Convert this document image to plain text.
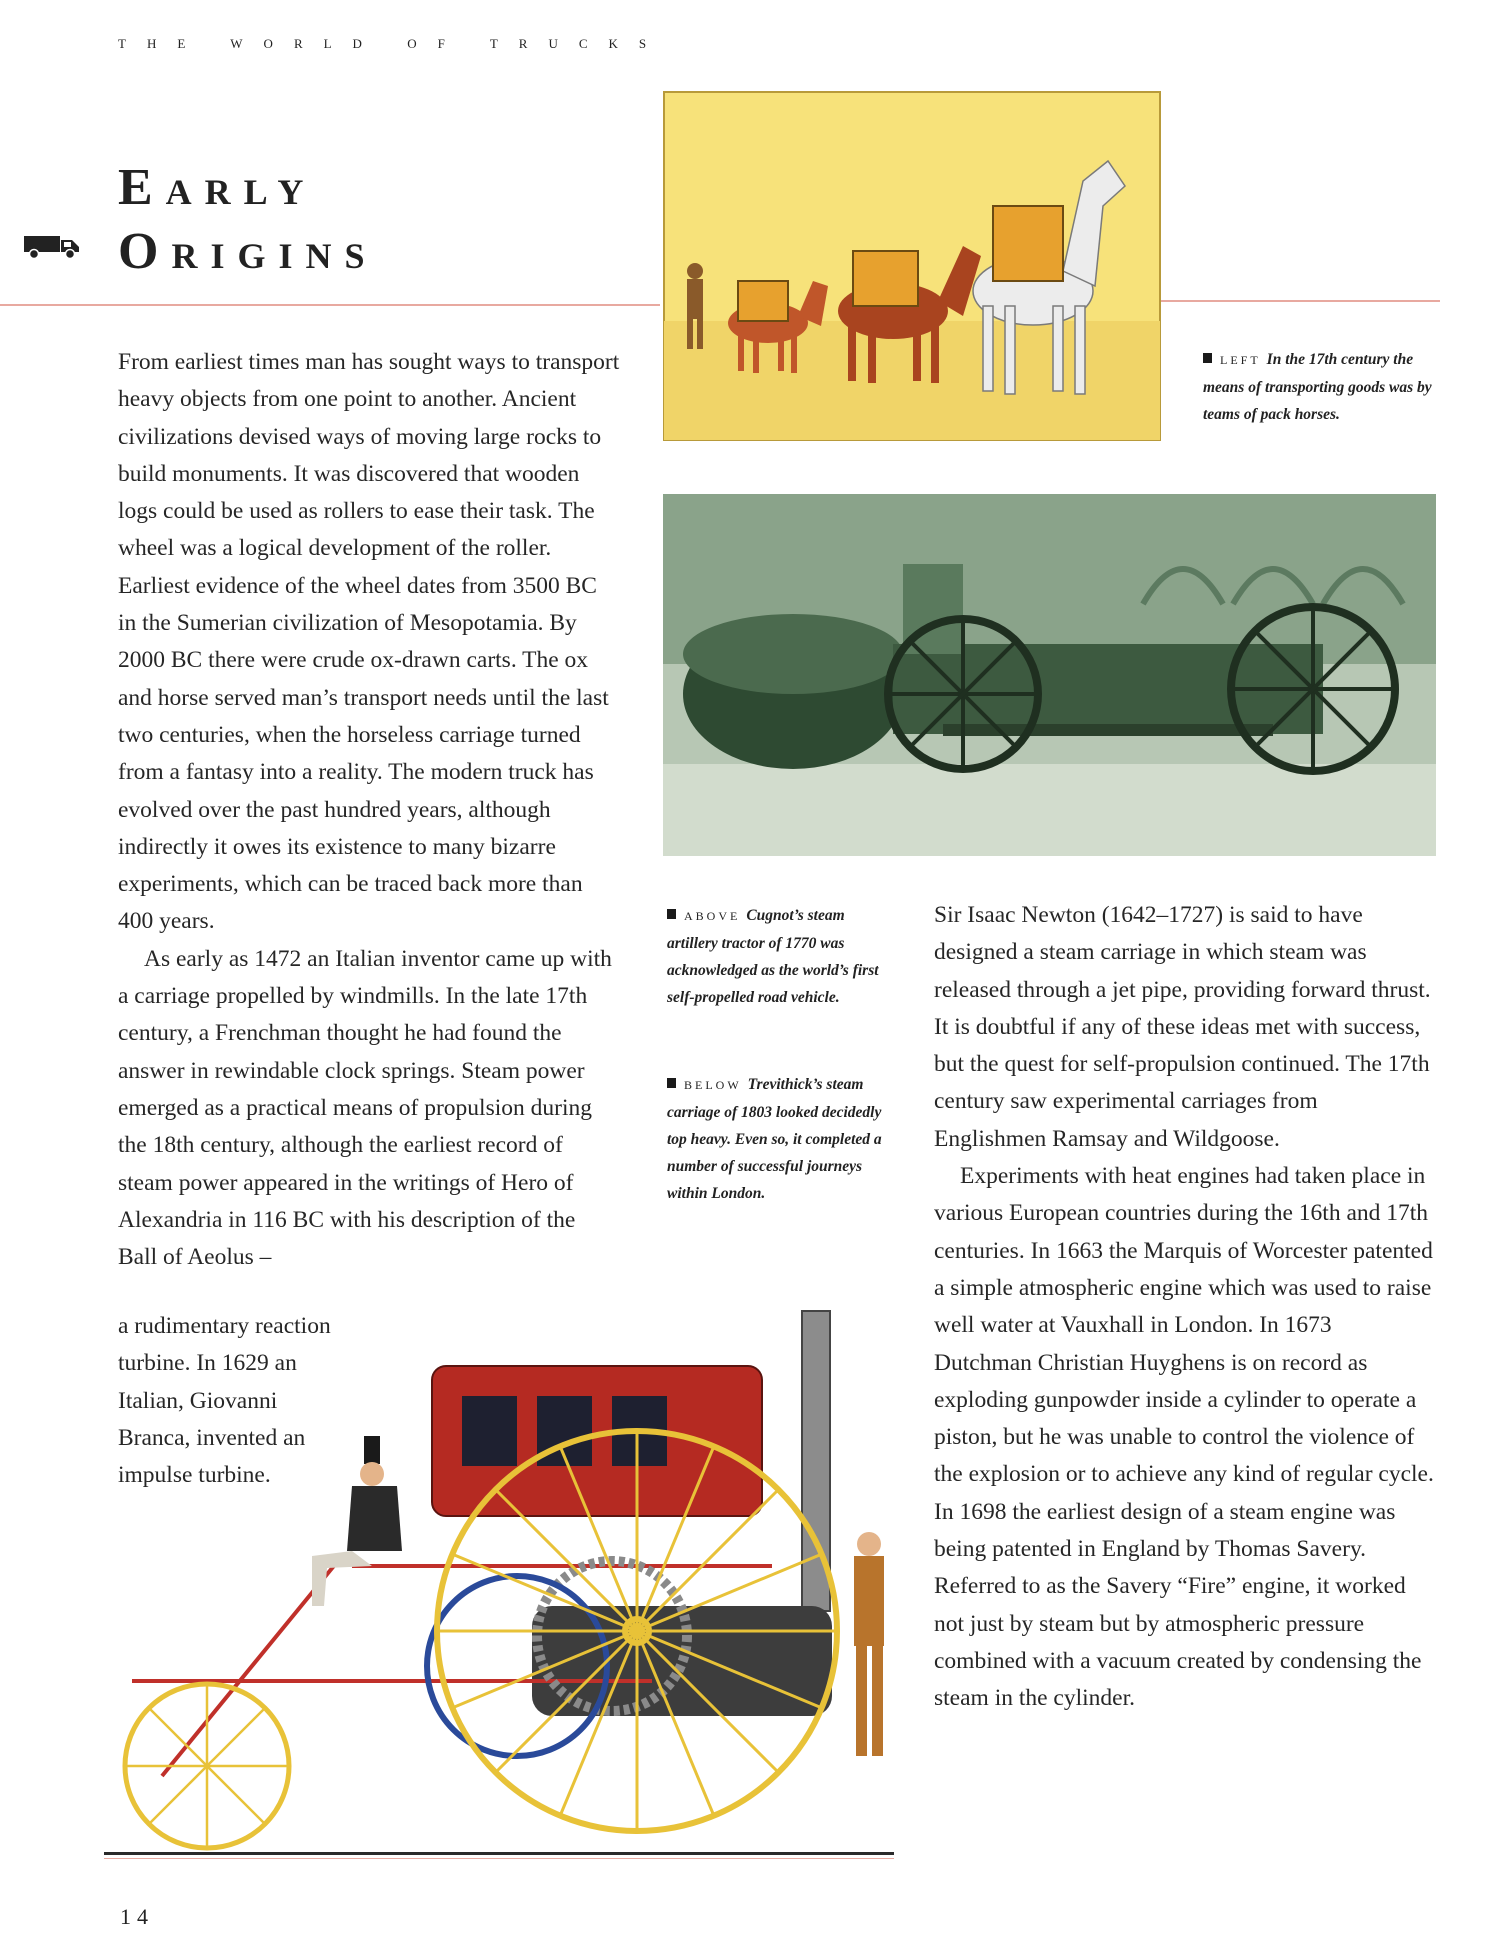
THE WORLD OF TRUCKS
Early
Origins
LEFT In the 17th century the means of transporting goods was by teams of pack horses.
ABOVE Cugnot’s steam artillery tractor of 1770 was acknowledged as the world’s first self-propelled road vehicle.
BELOW Trevithick’s steam carriage of 1803 looked decidedly top heavy. Even so, it completed a number of successful journeys within London.

From earliest times man has sought ways to transport heavy objects from one point to another. Ancient civilizations devised ways of moving large rocks to build monuments. It was discovered that wooden logs could be used as rollers to ease their task. The wheel was a logical development of the roller. Earliest evidence of the wheel dates from 3500 BC in the Sumerian civilization of Mesopotamia. By 2000 BC there were crude ox-drawn carts. The ox and horse served man’s transport needs until the last two centuries, when the horseless carriage turned from a fantasy into a reality. The modern truck has evolved over the past hundred years, although indirectly it owes its existence to many bizarre experiments, which can be traced back more than 400 years.

As early as 1472 an Italian inventor came up with a carriage propelled by windmills. In the late 17th century, a Frenchman thought he had found the answer in rewindable clock springs. Steam power emerged as a practical means of propulsion during the 18th century, although the earliest record of steam power appeared in the writings of Hero of Alexandria in 116 BC with his description of the Ball of Aeolus –

a rudimentary reaction turbine. In 1629 an Italian, Giovanni Branca, invented an impulse turbine.

Sir Isaac Newton (1642–1727) is said to have designed a steam carriage in which steam was released through a jet pipe, providing forward thrust. It is doubtful if any of these ideas met with success, but the quest for self-propulsion continued. The 17th century saw experimental carriages from Englishmen Ramsay and Wildgoose.

Experiments with heat engines had taken place in various European countries during the 16th and 17th centuries. In 1663 the Marquis of Worcester patented a simple atmospheric engine which was used to raise well water at Vauxhall in London. In 1673 Dutchman Christian Huyghens is on record as exploding gunpowder inside a cylinder to operate a piston, but he was unable to control the violence of the explosion or to achieve any kind of regular cycle. In 1698 the earliest design of a steam engine was being patented in England by Thomas Savery. Referred to as the Savery “Fire” engine, it worked not just by steam but by atmospheric pressure combined with a vacuum created by condensing the steam in the cylinder.

14
